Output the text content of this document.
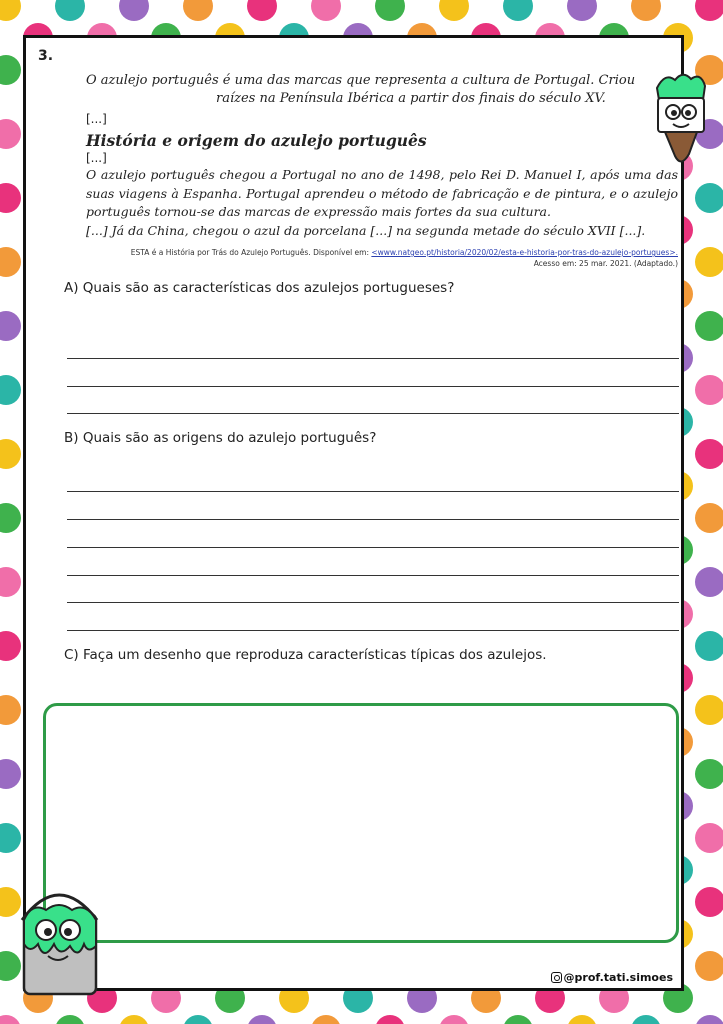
3.
O azulejo português é uma das marcas que representa a cultura de Portugal. Criou
raízes na Península Ibérica a partir dos finais do século XV.
[...]
História e origem do azulejo português
[...]

O azulejo português chegou a Portugal no ano de 1498, pelo Rei D. Manuel I, após uma das suas viagens à Espanha. Portugal aprendeu o método de fabricação e de pintura, e o azulejo português tornou-se das marcas de expressão mais fortes da sua cultura.

[...] Já da China, chegou o azul da porcelana [...] na segunda metade do século XVII [...].

ESTA é a História por Trás do Azulejo Português. Disponível em: <www.natgeo.pt/historia/2020/02/esta-e-historia-por-tras-do-azulejo-portugues>.
Acesso em: 25 mar. 2021. (Adaptado.)
A) Quais são as características dos azulejos portugueses?
B) Quais são as origens do azulejo português?
C) Faça um desenho que reproduza características típicas dos azulejos.
@prof.tati.simoes
